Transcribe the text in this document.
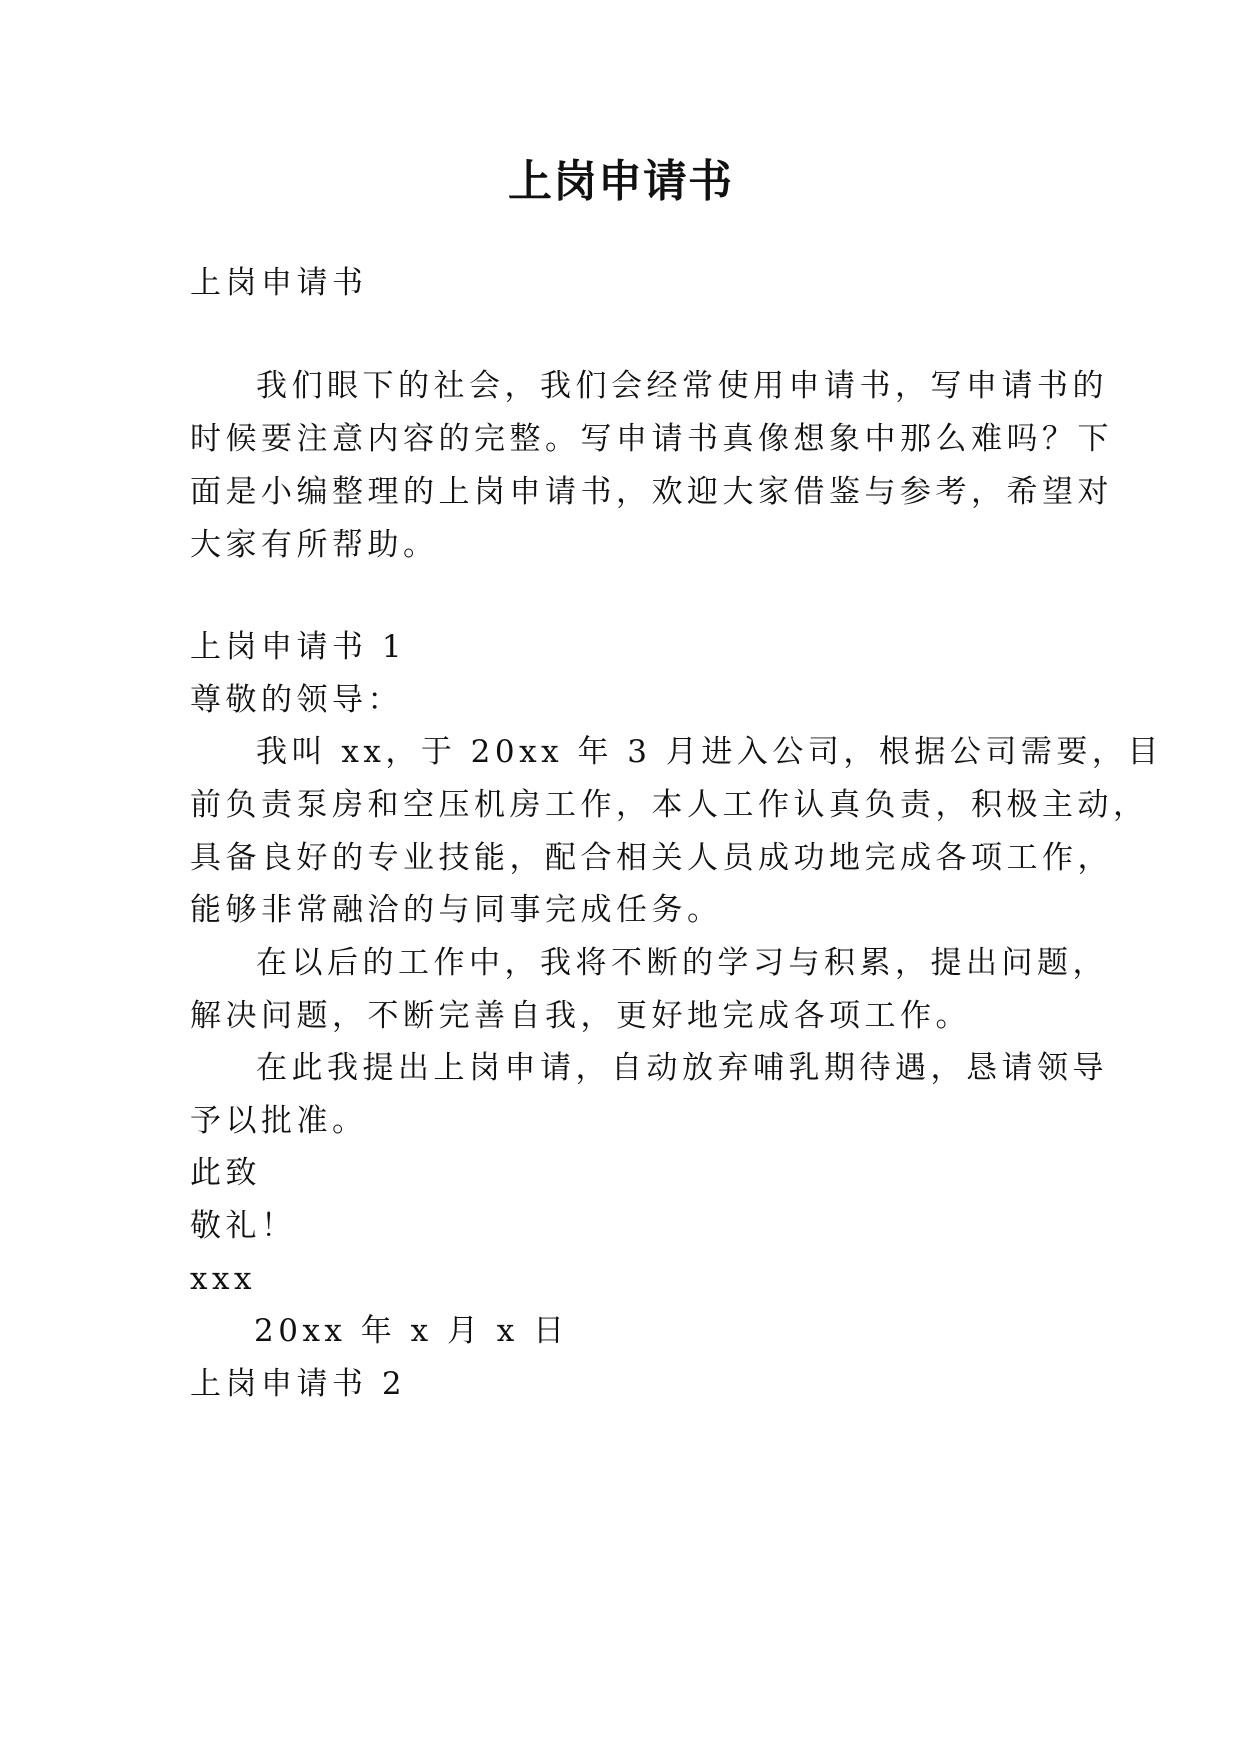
上岗申请书
上岗申请书
我们眼下的社会，我们会经常使用申请书，写申请书的
时候要注意内容的完整。写申请书真像想象中那么难吗？下
面是小编整理的上岗申请书，欢迎大家借鉴与参考，希望对
大家有所帮助。
上岗申请书 1
尊敬的领导：
我叫 xx，于 20xx 年 3 月进入公司，根据公司需要，目
前负责泵房和空压机房工作，本人工作认真负责，积极主动，
具备良好的专业技能，配合相关人员成功地完成各项工作，
能够非常融洽的与同事完成任务。
在以后的工作中，我将不断的学习与积累，提出问题，
解决问题，不断完善自我，更好地完成各项工作。
在此我提出上岗申请，自动放弃哺乳期待遇，恳请领导
予以批准。
此致
敬礼！
xxx
20xx 年 x 月 x 日
上岗申请书 2
